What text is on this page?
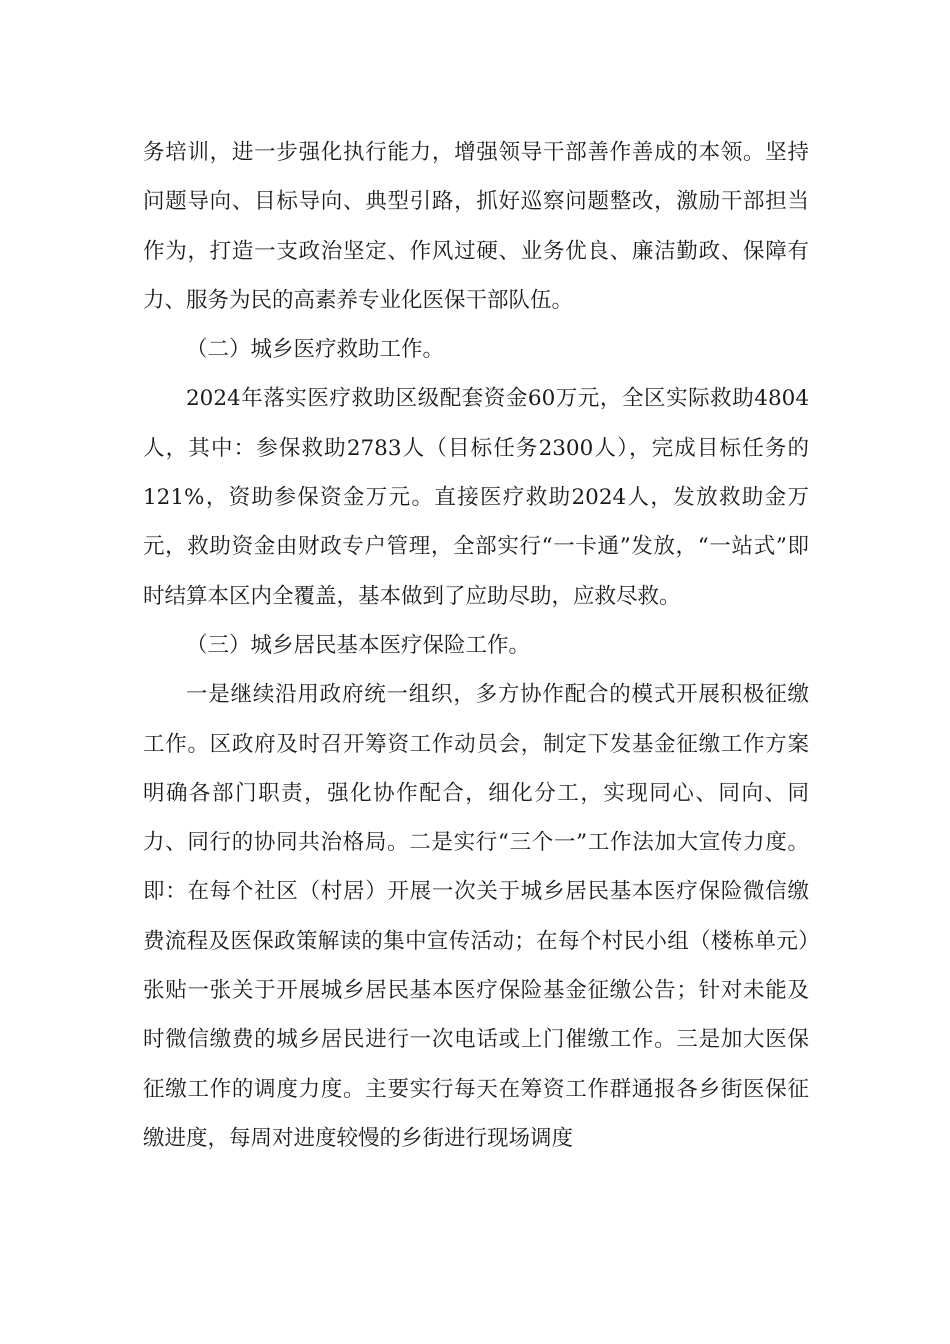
务培训，进一步强化执行能力，增强领导干部善作善成的本领。坚持问题导向、目标导向、典型引路，抓好巡察问题整改，激励干部担当作为，打造一支政治坚定、作风过硬、业务优良、廉洁勤政、保障有力、服务为民的高素养专业化医保干部队伍。

（二）城乡医疗救助工作。

2024年落实医疗救助区级配套资金60万元，全区实际救助4804人，其中：参保救助2783人（目标任务2300人），完成目标任务的121%，资助参保资金万元。直接医疗救助2024人，发放救助金万元，救助资金由财政专户管理，全部实行“一卡通”发放，“一站式”即时结算本区内全覆盖，基本做到了应助尽助，应救尽救。

（三）城乡居民基本医疗保险工作。

一是继续沿用政府统一组织，多方协作配合的模式开展积极征缴工作。区政府及时召开筹资工作动员会，制定下发基金征缴工作方案明确各部门职责，强化协作配合，细化分工，实现同心、同向、同力、同行的协同共治格局。二是实行“三个一”工作法加大宣传力度。即：在每个社区（村居）开展一次关于城乡居民基本医疗保险微信缴费流程及医保政策解读的集中宣传活动；在每个村民小组（楼栋单元）张贴一张关于开展城乡居民基本医疗保险基金征缴公告；针对未能及时微信缴费的城乡居民进行一次电话或上门催缴工作。三是加大医保征缴工作的调度力度。主要实行每天在筹资工作群通报各乡街医保征缴进度，每周对进度较慢的乡街进行现场调度
